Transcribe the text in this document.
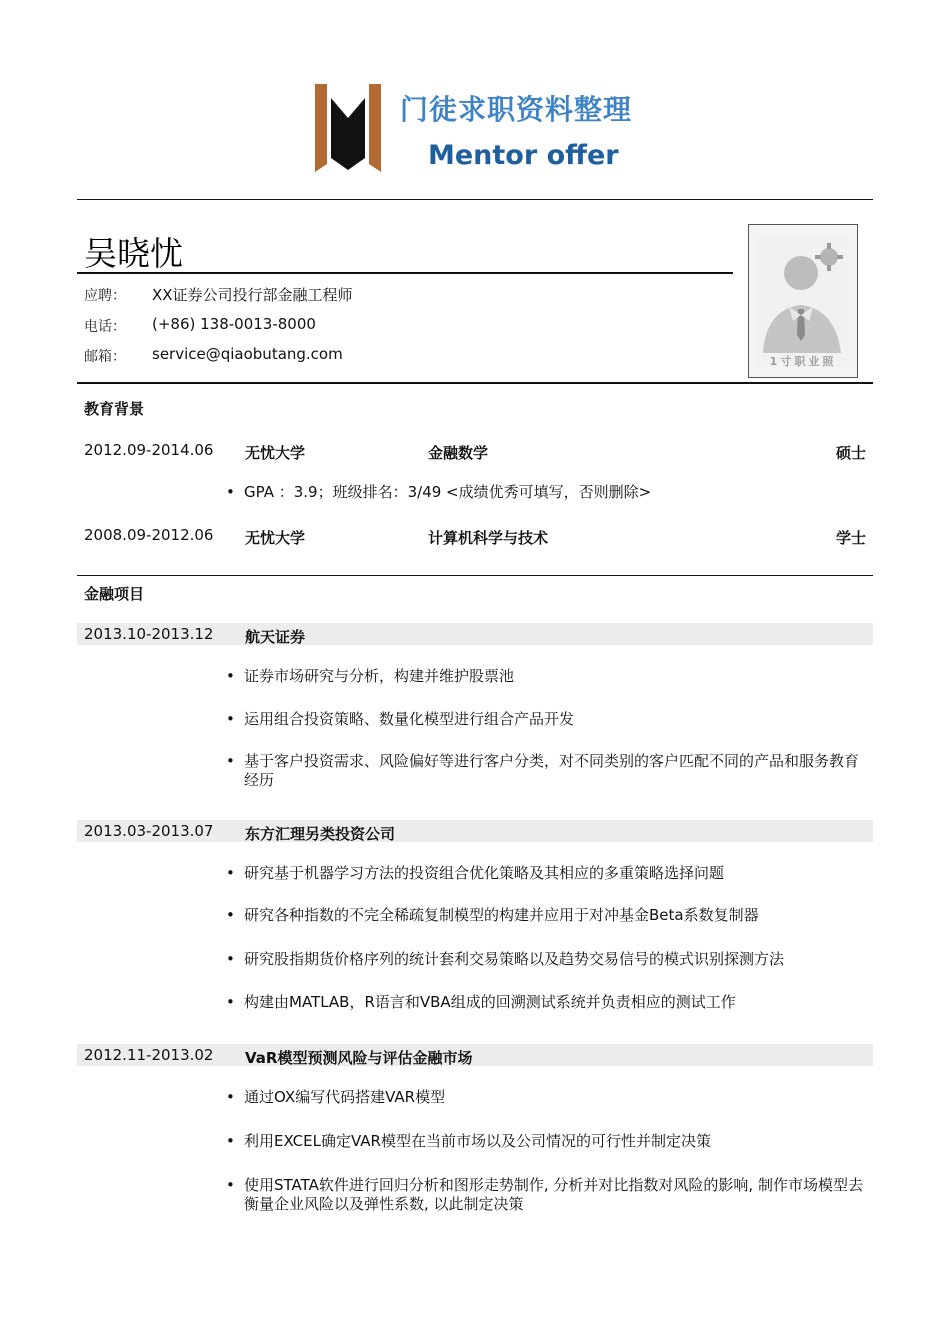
门徒求职资料整理
Mentor offer
吴晓忧
应聘： XX证券公司投行部金融工程师
电话： (+86) 138-0013-8000
邮箱： service@qiaobutang.com	1寸职业照
教育背景
2012.09-2014.06 无忧大学	金融数学	硕士
• GPA ：3.9；班级排名：3/49 <成绩优秀可填写，否则删除>
2008.09-2012.06 无忧大学	计算机科学与技术	学士
金融项目
2013.10-2013.12 航天证券
• 证券市场研究与分析，构建并维护股票池
• 运用组合投资策略、数量化模型进行组合产品开发
• 基于客户投资需求、风险偏好等进行客户分类，对不同类别的客户匹配不同的产品和服务教育经历
2013.03-2013.07 东方汇理另类投资公司
• 研究基于机器学习方法的投资组合优化策略及其相应的多重策略选择问题
• 研究各种指数的不完全稀疏复制模型的构建并应用于对冲基金Beta系数复制器
• 研究股指期货价格序列的统计套利交易策略以及趋势交易信号的模式识别探测方法
• 构建由MATLAB，R语言和VBA组成的回溯测试系统并负责相应的测试工作
2012.11-2013.02 VaR模型预测风险与评估金融市场
• 通过OX编写代码搭建VAR模型
• 利用EXCEL确定VAR模型在当前市场以及公司情况的可行性并制定决策
• 使用STATA软件进行回归分析和图形走势制作, 分析并对比指数对风险的影响, 制作市场模型去衡量企业风险以及弹性系数, 以此制定决策
